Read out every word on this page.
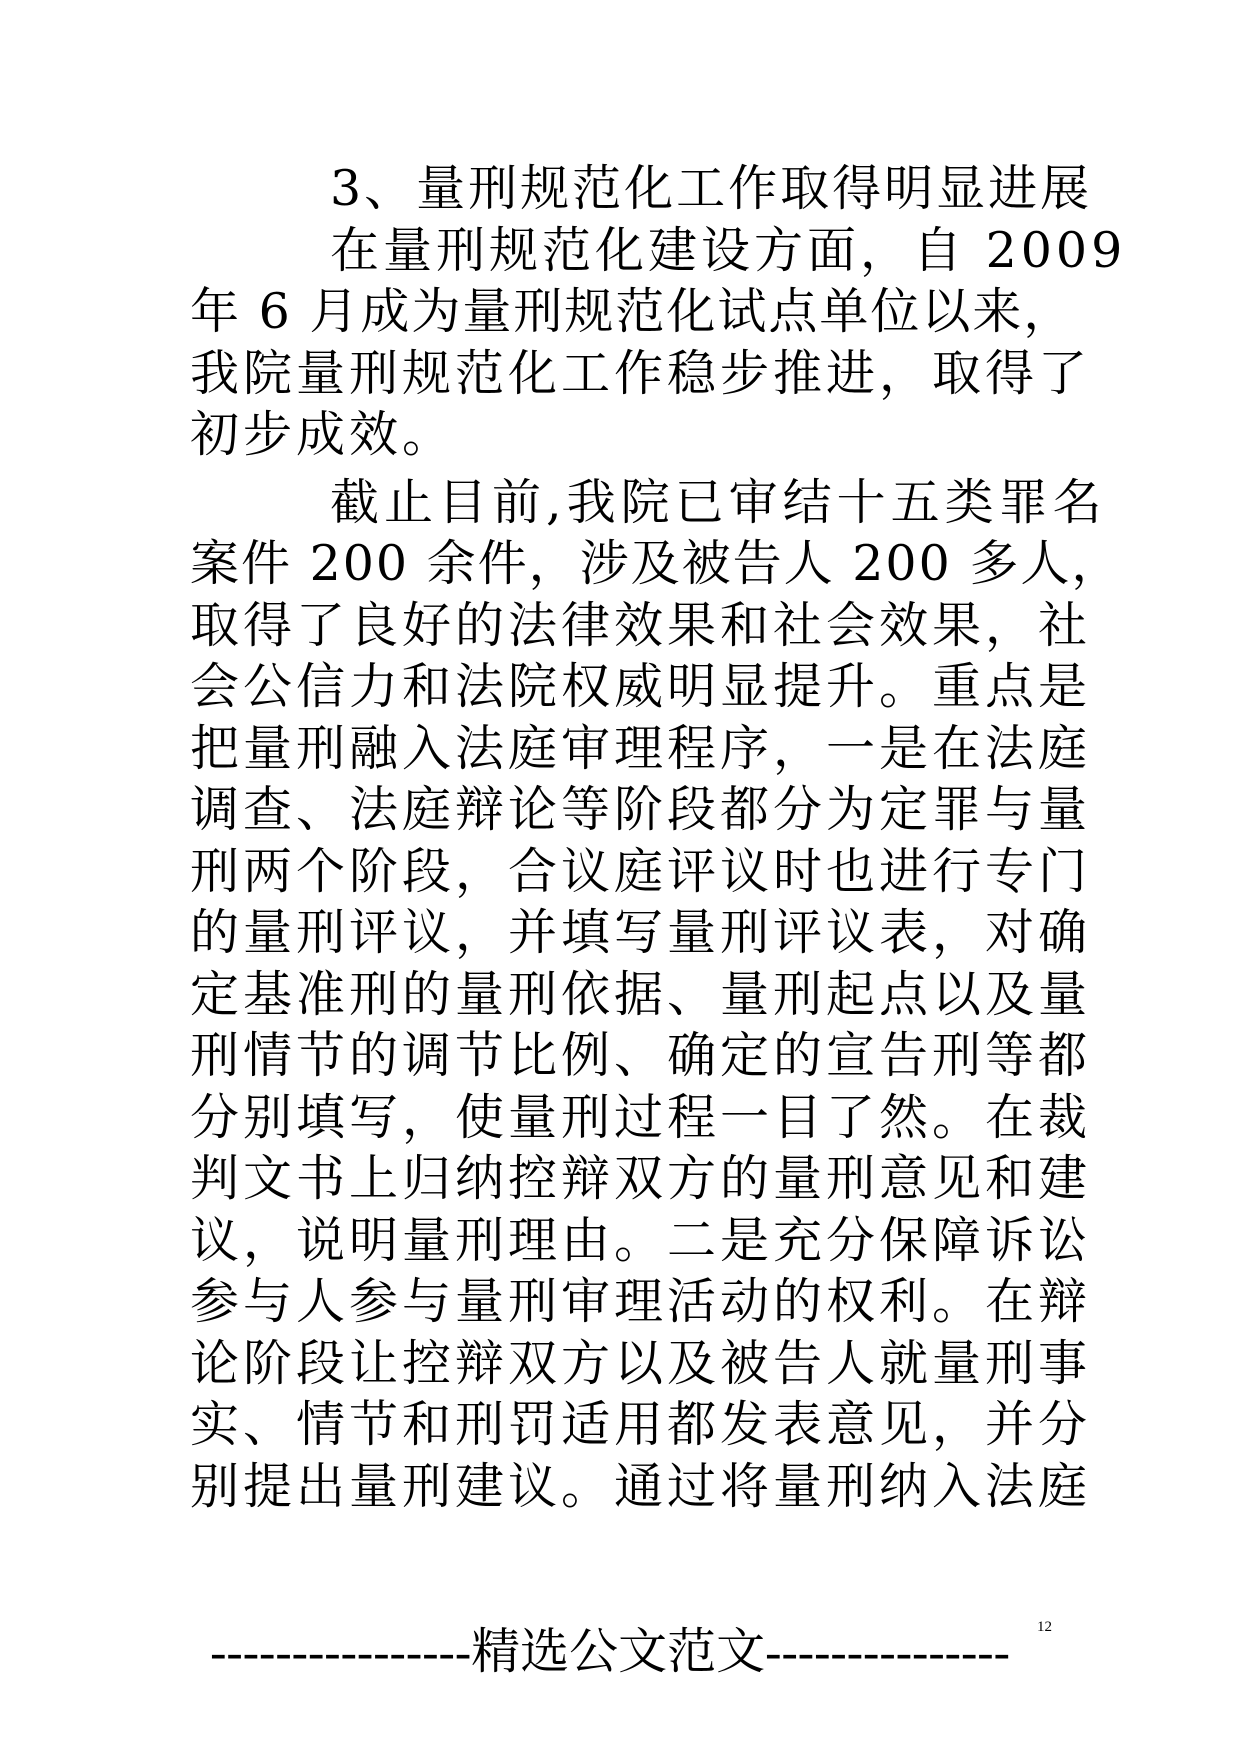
3、量刑规范化工作取得明显进展
在量刑规范化建设方面，自 2009
年 6 月成为量刑规范化试点单位以来，
我院量刑规范化工作稳步推进，取得了
初步成效。
截止目前,我院已审结十五类罪名
案件 200 余件，涉及被告人 200 多人，
取得了良好的法律效果和社会效果，社
会公信力和法院权威明显提升。重点是
把量刑融入法庭审理程序，一是在法庭
调查、法庭辩论等阶段都分为定罪与量
刑两个阶段，合议庭评议时也进行专门
的量刑评议，并填写量刑评议表，对确
定基准刑的量刑依据、量刑起点以及量
刑情节的调节比例、确定的宣告刑等都
分别填写，使量刑过程一目了然。在裁
判文书上归纳控辩双方的量刑意见和建
议，说明量刑理由。二是充分保障诉讼
参与人参与量刑审理活动的权利。在辩
论阶段让控辩双方以及被告人就量刑事
实、情节和刑罚适用都发表意见，并分
别提出量刑建议。通过将量刑纳入法庭
12
----------------精选公文范文---------------
